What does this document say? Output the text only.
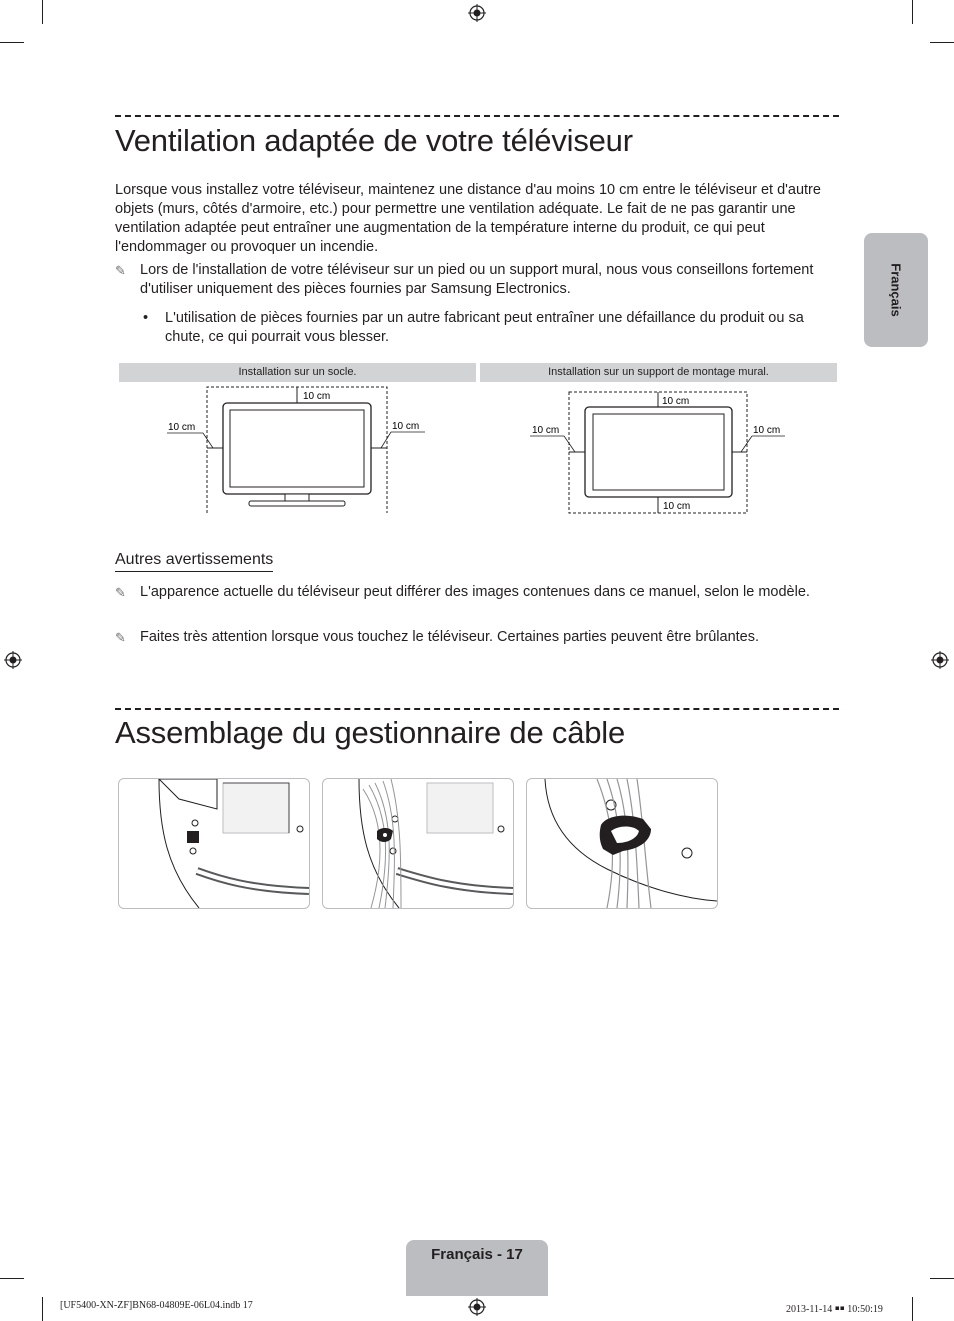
Français
Ventilation adaptée de votre téléviseur

Lorsque vous installez votre téléviseur, maintenez une distance d'au moins 10 cm entre le téléviseur et d'autre objets (murs, côtés d'armoire, etc.) pour permettre une ventilation adéquate. Le fait de ne pas garantir une ventilation adaptée peut entraîner une augmentation de la température interne du produit, ce qui peut l'endommager ou provoquer un incendie.

✎ Lors de l'installation de votre téléviseur sur un pied ou un support mural, nous vous conseillons fortement d'utiliser uniquement des pièces fournies par Samsung Electronics.
• L'utilisation de pièces fournies par un autre fabricant peut entraîner une défaillance du produit ou sa chute, ce qui pourrait vous blesser.
Installation sur un socle.	Installation sur un support de montage mural.
10 cm
10 cm	10 cm
10 cm
10 cm	10 cm
10 cm
Autres avertissements
✎ L'apparence actuelle du téléviseur peut différer des images contenues dans ce manuel, selon le modèle.
✎ Faites très attention lorsque vous touchez le téléviseur. Certaines parties peuvent être brûlantes.
Assemblage du gestionnaire de câble
Français - 17
[UF5400-XN-ZF]BN68-04809E-06L04.indb 17	2013-11-14 ￭￭ 10:50:19
